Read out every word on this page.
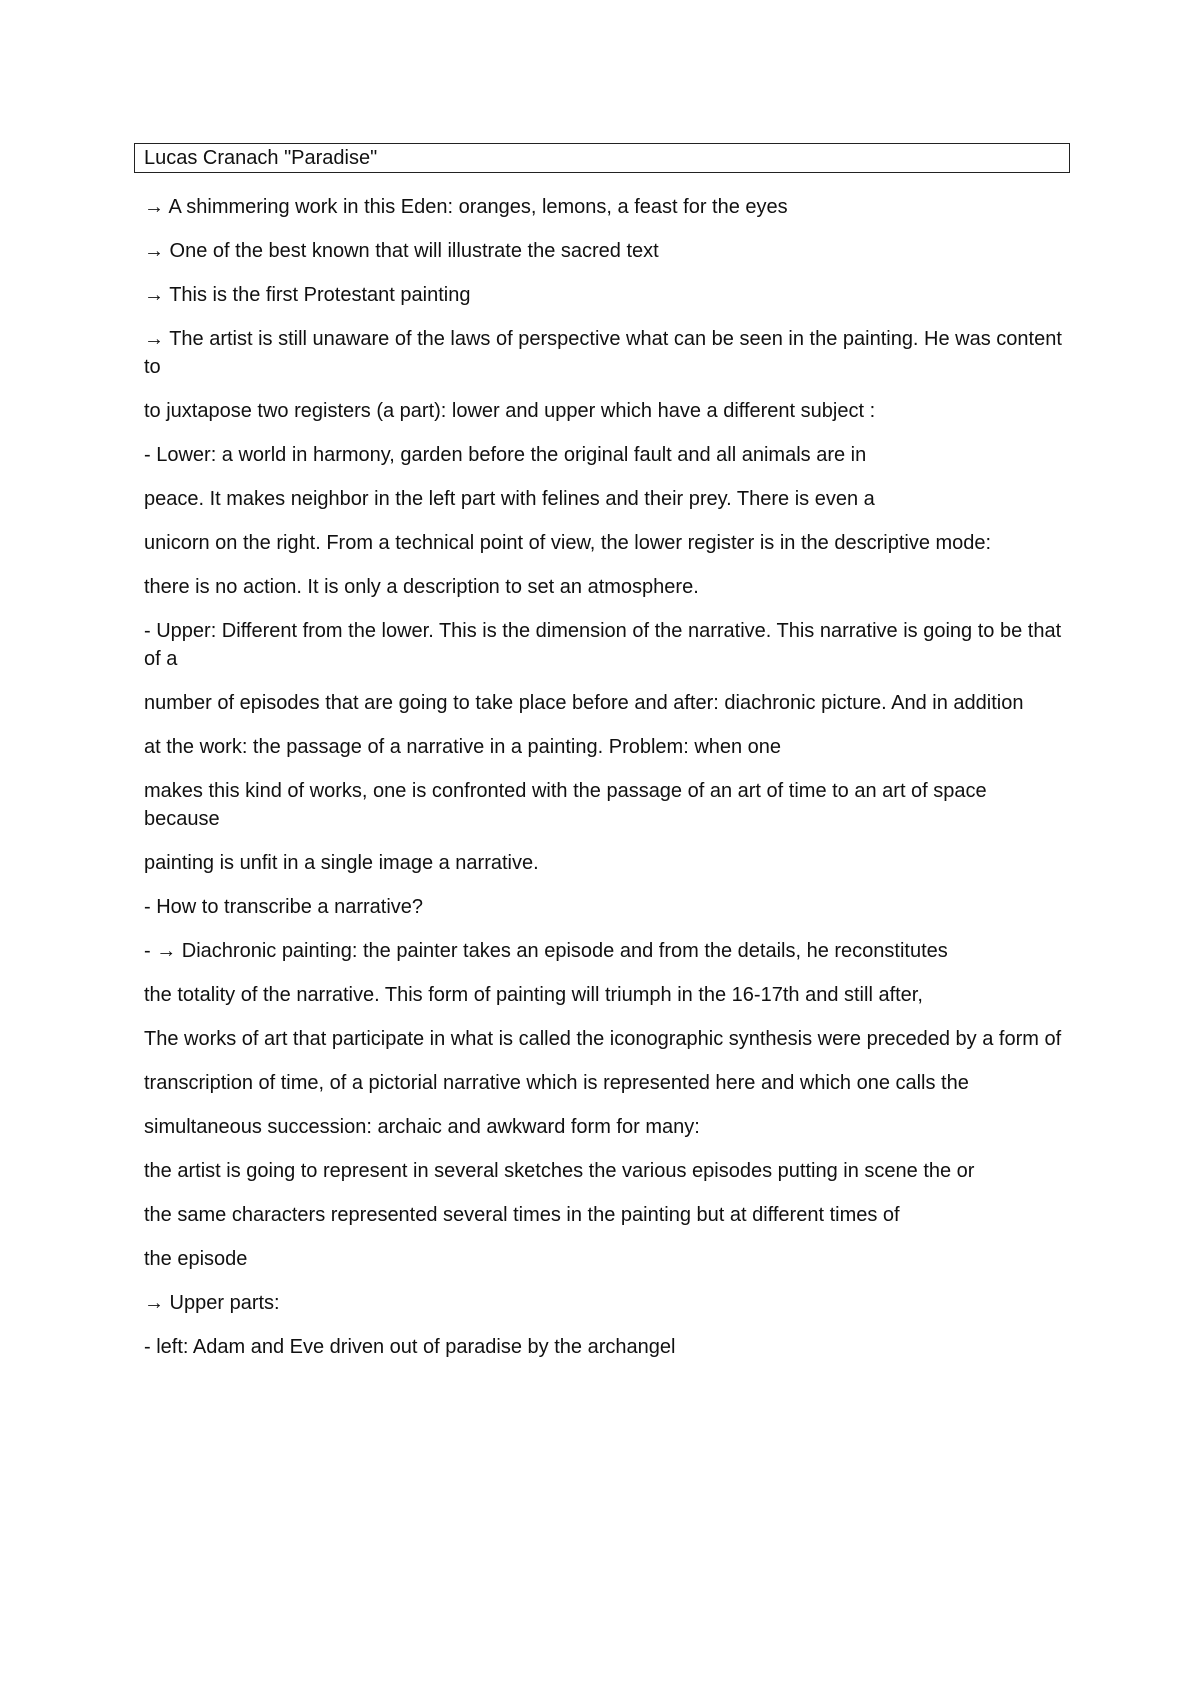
Lucas Cranach "Paradise"

→ A shimmering work in this Eden: oranges, lemons, a feast for the eyes

→ One of the best known that will illustrate the sacred text

→ This is the first Protestant painting

→ The artist is still unaware of the laws of perspective what can be seen in the painting. He was content to

to juxtapose two registers (a part): lower and upper which have a different subject :

- Lower: a world in harmony, garden before the original fault and all animals are in

peace. It makes neighbor in the left part with felines and their prey. There is even a

unicorn on the right. From a technical point of view, the lower register is in the descriptive mode:

there is no action. It is only a description to set an atmosphere.

- Upper: Different from the lower. This is the dimension of the narrative. This narrative is going to be that of a

number of episodes that are going to take place before and after: diachronic picture. And in addition

at the work: the passage of a narrative in a painting. Problem: when one

makes this kind of works, one is confronted with the passage of an art of time to an art of space because

painting is unfit in a single image a narrative.

- How to transcribe a narrative?

- → Diachronic painting: the painter takes an episode and from the details, he reconstitutes

the totality of the narrative. This form of painting will triumph in the 16-17th and still after,

The works of art that participate in what is called the iconographic synthesis were preceded by a form of

transcription of time, of a pictorial narrative which is represented here and which one calls the

simultaneous succession: archaic and awkward form for many:

the artist is going to represent in several sketches the various episodes putting in scene the or

the same characters represented several times in the painting but at different times of

the episode

→ Upper parts:

- left: Adam and Eve driven out of paradise by the archangel
